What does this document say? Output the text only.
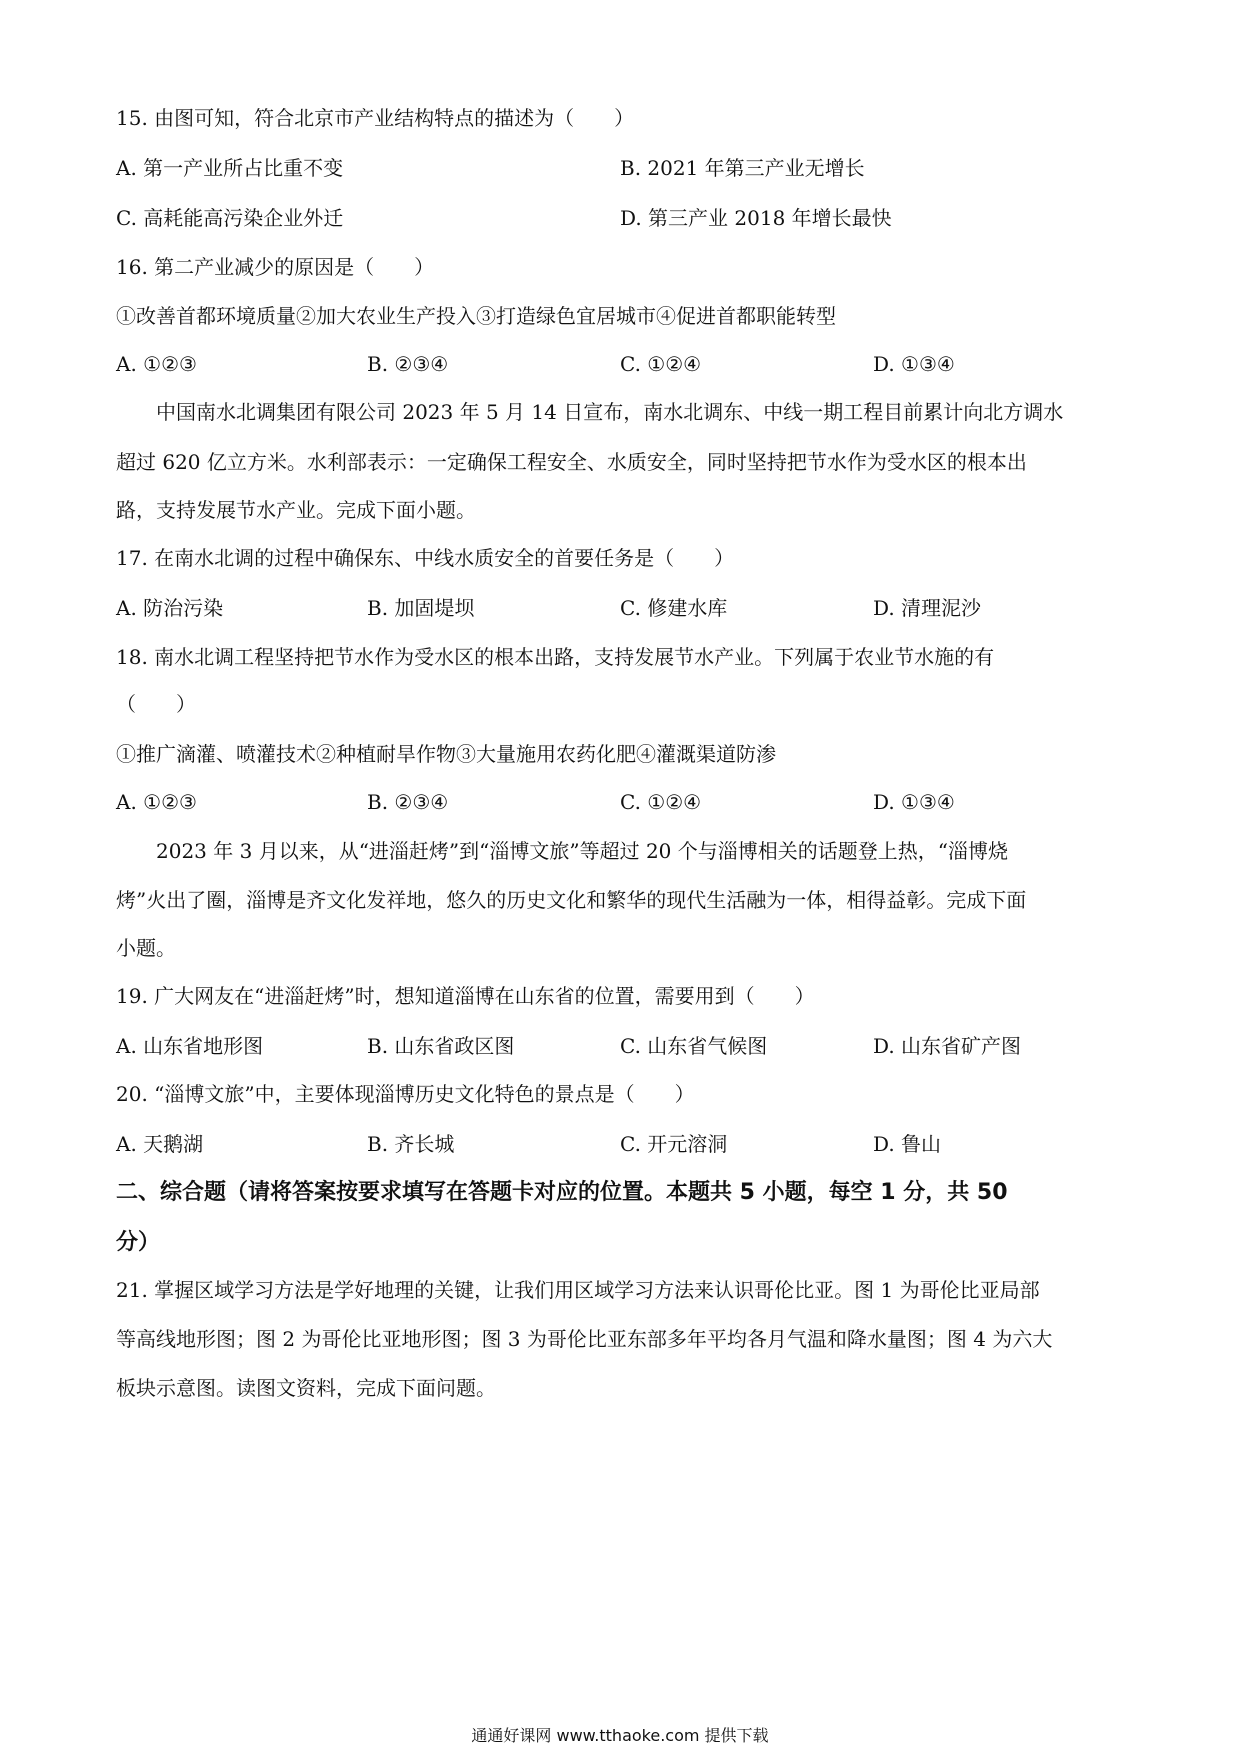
15. 由图可知，符合北京市产业结构特点的描述为（　　）
A. 第一产业所占比重不变	B. 2021 年第三产业无增长
C. 高耗能高污染企业外迁	D. 第三产业 2018 年增长最快
16. 第二产业减少的原因是（　　）
①改善首都环境质量②加大农业生产投入③打造绿色宜居城市④促进首都职能转型
A. ①②③	B. ②③④	C. ①②④	D. ①③④
中国南水北调集团有限公司 2023 年 5 月 14 日宣布，南水北调东、中线一期工程目前累计向北方调水
超过 620 亿立方米。水利部表示：一定确保工程安全、水质安全，同时坚持把节水作为受水区的根本出
路，支持发展节水产业。完成下面小题。
17. 在南水北调的过程中确保东、中线水质安全的首要任务是（　　）
A. 防治污染	B. 加固堤坝	C. 修建水库	D. 清理泥沙
18. 南水北调工程坚持把节水作为受水区的根本出路，支持发展节水产业。下列属于农业节水施的有
（　　）
①推广滴灌、喷灌技术②种植耐旱作物③大量施用农药化肥④灌溉渠道防渗
A. ①②③	B. ②③④	C. ①②④	D. ①③④
2023 年 3 月以来，从“进淄赶烤”到“淄博文旅”等超过 20 个与淄博相关的话题登上热，“淄博烧
烤”火出了圈，淄博是齐文化发祥地，悠久的历史文化和繁华的现代生活融为一体，相得益彰。完成下面
小题。
19. 广大网友在“进淄赶烤”时，想知道淄博在山东省的位置，需要用到（　　）
A. 山东省地形图	B. 山东省政区图	C. 山东省气候图	D. 山东省矿产图
20. “淄博文旅”中，主要体现淄博历史文化特色的景点是（　　）
A. 天鹅湖	B. 齐长城	C. 开元溶洞	D. 鲁山
二、综合题（请将答案按要求填写在答题卡对应的位置。本题共 5 小题，每空 1 分，共 50
分）
21. 掌握区域学习方法是学好地理的关键，让我们用区域学习方法来认识哥伦比亚。图 1 为哥伦比亚局部
等高线地形图；图 2 为哥伦比亚地形图；图 3 为哥伦比亚东部多年平均各月气温和降水量图；图 4 为六大
板块示意图。读图文资料，完成下面问题。
通通好课网 www.tthaoke.com 提供下载
